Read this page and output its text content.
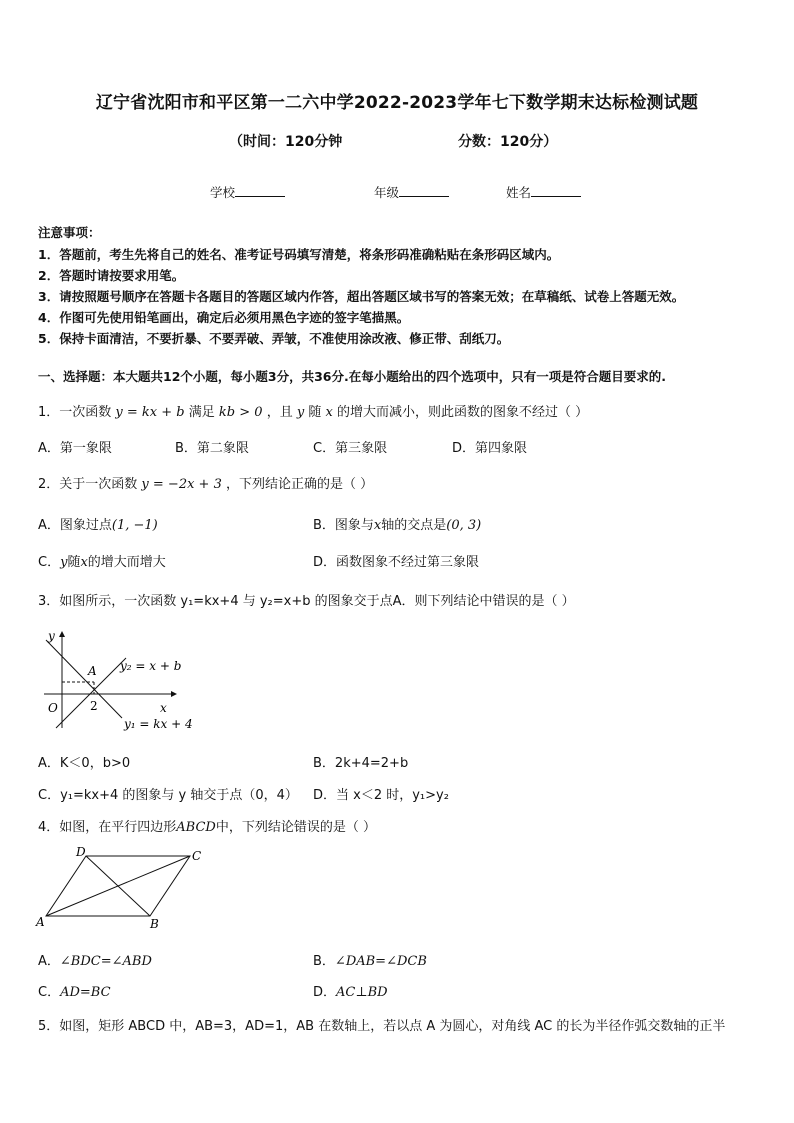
辽宁省沈阳市和平区第一二六中学2022-2023学年七下数学期末达标检测试题
（时间：120分钟	分数：120分）
学校	年级	姓名
注意事项：
1．答题前，考生先将自己的姓名、准考证号码填写清楚，将条形码准确粘贴在条形码区域内。
2．答题时请按要求用笔。
3．请按照题号顺序在答题卡各题目的答题区域内作答，超出答题区域书写的答案无效；在草稿纸、试卷上答题无效。
4．作图可先使用铅笔画出，确定后必须用黑色字迹的签字笔描黑。
5．保持卡面清洁，不要折暴、不要弄破、弄皱，不准使用涂改液、修正带、刮纸刀。
一、选择题：本大题共12个小题，每小题3分，共36分.在每小题给出的四个选项中，只有一项是符合题目要求的.
1．一次函数 y = kx + b 满足 kb > 0 ，且 y 随 x 的增大而减小，则此函数的图象不经过（ ）
A．第一象限	B．第二象限	C．第三象限	D．第四象限
2．关于一次函数 y = −2x + 3 ，下列结论正确的是（ ）
A．图象过点(1, −1)	B．图象与x轴的交点是(0, 3)
C．y随x的增大而增大	D．函数图象不经过第三象限
3．如图所示，一次函数 y₁=kx+4 与 y₂=x+b 的图象交于点A．则下列结论中错误的是（ ）
y
x
O
A
2
y₂ = x + b
y₁ = kx + 4
A．K＜0，b>0	B．2k+4=2+b
C．y₁=kx+4 的图象与 y 轴交于点（0，4） D．当 x＜2 时，y₁>y₂
4．如图，在平行四边形ABCD中，下列结论错误的是（ ）
D	C
A	B
A．∠BDC=∠ABD	B．∠DAB=∠DCB
C．AD=BC	D．AC⊥BD
5．如图，矩形 ABCD 中，AB=3，AD=1，AB 在数轴上，若以点 A 为圆心，对角线 AC 的长为半径作弧交数轴的正半
